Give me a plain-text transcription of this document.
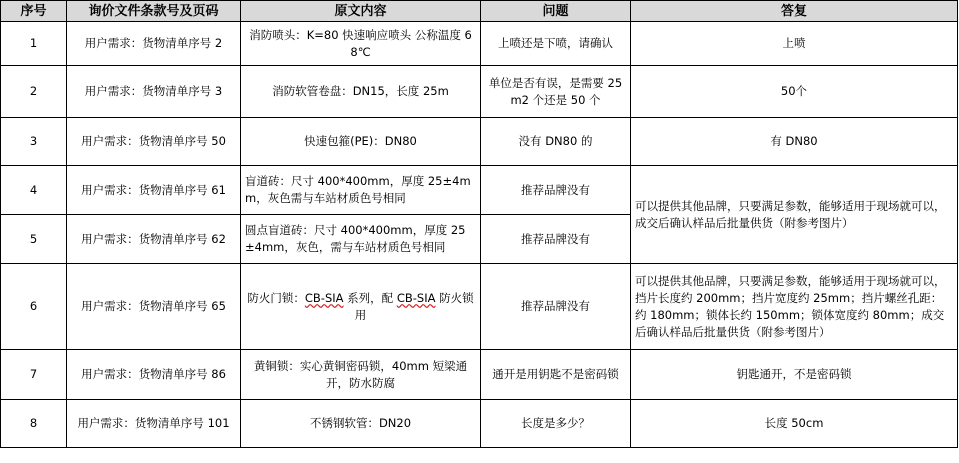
序号	询价文件条款号及页码	原文内容	问题	答复
1	用户需求：货物清单序号 2	消防喷头：K=80 快速响应喷头 公称温度 68℃	上喷还是下喷，请确认	上喷
2	用户需求：货物清单序号 3	消防软管卷盘：DN15，长度 25m	单位是否有误，是需要 25m2 个还是 50 个	50个
3	用户需求：货物清单序号 50	快速包箍(PE)：DN80	没有 DN80 的	有 DN80
4	用户需求：货物清单序号 61	盲道砖：尺寸 400*400mm，厚度 25±4mm，灰色需与车站材质色号相同	推荐品牌没有	可以提供其他品牌，只要满足参数，能够适用于现场就可以，成交后确认样品后批量供货（附参考图片）
5	用户需求：货物清单序号 62	圆点盲道砖：尺寸 400*400mm，厚度 25±4mm，灰色，需与车站材质色号相同	推荐品牌没有	
6	用户需求：货物清单序号 65	防火门锁：CB-SIA 系列，配 CB-SIA 防火锁用	推荐品牌没有	可以提供其他品牌，只要满足参数，能够适用于现场就可以，挡片长度约 200mm；挡片宽度约 25mm；挡片螺丝孔距：约 180mm；锁体长约 150mm；锁体宽度约 80mm；成交后确认样品后批量供货（附参考图片）
7	用户需求：货物清单序号 86	黄铜锁：实心黄铜密码锁，40mm 短梁通开，防水防腐	通开是用钥匙不是密码锁	钥匙通开，不是密码锁
8	用户需求：货物清单序号 101	不锈钢软管：DN20	长度是多少？	长度 50cm
